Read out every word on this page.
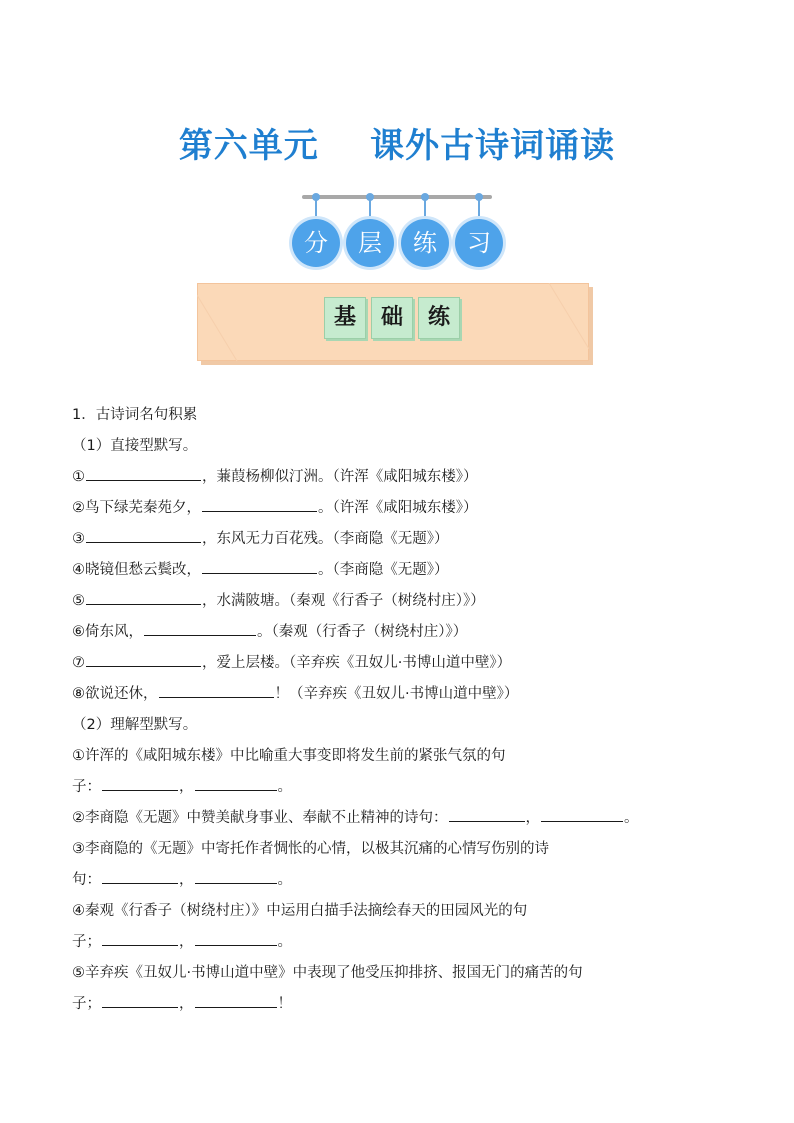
第六单元    课外古诗词诵读
分	层	练	习
基	础	练
1．古诗词名句积累
（1）直接型默写。
①	，蒹葭杨柳似汀洲。（许浑《咸阳城东楼》）
②鸟下绿芜秦苑夕，	。（许浑《咸阳城东楼》）
③	，东风无力百花残。（李商隐《无题》）
④晓镜但愁云鬓改，	。（李商隐《无题》）
⑤	，水满陂塘。（秦观《行香子（树绕村庄）》）
⑥倚东风，	。（秦观（行香子（树绕村庄）》）
⑦	，爱上层楼。（辛弃疾《丑奴儿·书博山道中壁》）
⑧欲说还休，	！（辛弃疾《丑奴儿·书博山道中壁》）
（2）理解型默写。
①许浑的《咸阳城东楼》中比喻重大事变即将发生前的紧张气氛的句
子：	，	。
②李商隐《无题》中赞美献身事业、奉献不止精神的诗句：	，	。
③李商隐的《无题》中寄托作者惆怅的心情，以极其沉痛的心情写伤别的诗
句：	，	。
④秦观《行香子（树绕村庄）》中运用白描手法摘绘春天的田园风光的句
子；	，	。
⑤辛弃疾《丑奴儿·书博山道中壁》中表现了他受压抑排挤、报国无门的痛苦的句
子；	，	！
